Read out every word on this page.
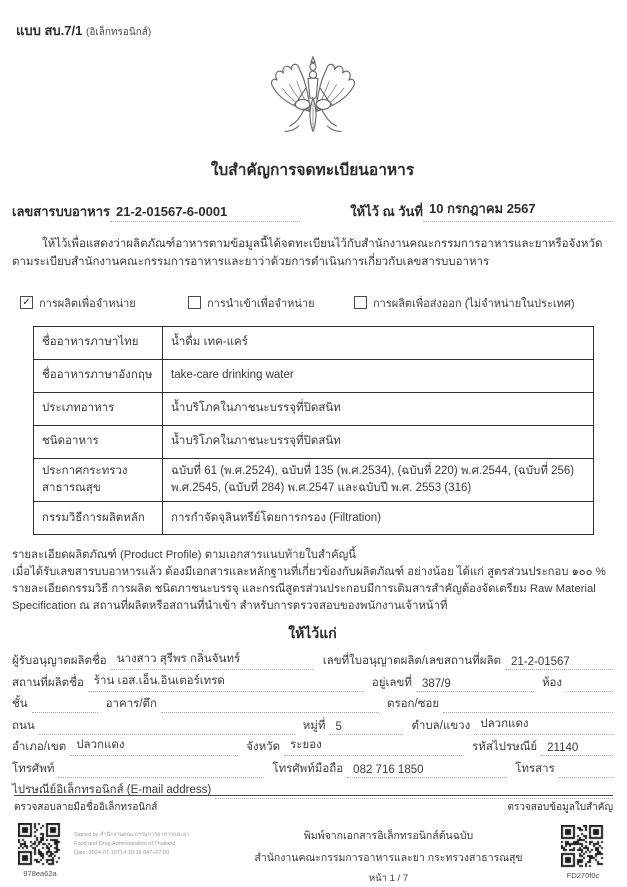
แบบ สบ.7/1 (อิเล็กทรอนิกส์)
ใบสำคัญการจดทะเบียนอาหาร
เลขสารบบอาหาร 21-2-01567-6-0001	ให้ไว้ ณ วันที่ 10 กรกฎาคม 2567
ให้ไว้เพื่อแสดงว่าผลิตภัณฑ์อาหารตามข้อมูลนี้ได้จดทะเบียนไว้กับสำนักงานคณะกรรมการอาหารและยาหรือจังหวัด
ตามระเบียบสำนักงานคณะกรรมการอาหารและยาว่าด้วยการดำเนินการเกี่ยวกับเลขสารบบอาหาร
✓ การผลิตเพื่อจำหน่าย	การนำเข้าเพื่อจำหน่าย	การผลิตเพื่อส่งออก (ไม่จำหน่ายในประเทศ)
ชื่ออาหารภาษาไทย	น้ำดื่ม เทค-แคร์
ชื่ออาหารภาษาอังกฤษ	take-care drinking water
ประเภทอาหาร	น้ำบริโภคในภาชนะบรรจุที่ปิดสนิท
ชนิดอาหาร	น้ำบริโภคในภาชนะบรรจุที่ปิดสนิท
ประกาศกระทรวงสาธารณสุข	ฉบับที่ 61 (พ.ศ.2524), ฉบับที่ 135 (พ.ศ.2534), (ฉบับที่ 220) พ.ศ.2544, (ฉบับที่ 256) พ.ศ.2545, (ฉบับที่ 284) พ.ศ.2547 และฉบับปี พ.ศ. 2553 (316)
กรรมวิธีการผลิตหลัก	การกำจัดจุลินทรีย์โดยการกรอง (Filtration)
รายละเอียดผลิตภัณฑ์ (Product Profile) ตามเอกสารแนบท้ายใบสำคัญนี้
เมื่อได้รับเลขสารบบอาหารแล้ว ต้องมีเอกสารและหลักฐานที่เกี่ยวข้องกับผลิตภัณฑ์ อย่างน้อย ได้แก่ สูตรส่วนประกอบ ๑๐๐ % รายละเอียดกรรมวิธี การผลิต ชนิดภาชนะบรรจุ และกรณีสูตรส่วนประกอบมีการเติมสารสำคัญต้องจัดเตรียม Raw Material Specification ณ สถานที่ผลิตหรือสถานที่นำเข้า สำหรับการตรวจสอบของพนักงานเจ้าหน้าที่
ให้ไว้แก่
ผู้รับอนุญาตผลิตชื่อ นางสาว สุรีพร กลิ่นจันทร์	เลขที่ใบอนุญาตผลิต/เลขสถานที่ผลิต 21-2-01567
สถานที่ผลิตชื่อ ร้าน เอส.เอ็น.อินเตอร์เทรด	อยู่เลขที่ 387/9	ห้อง
ชั้น	อาคาร/ตึก	ตรอก/ซอย
ถนน	หมู่ที่ 5	ตำบล/แขวง ปลวกแดง
อำเภอ/เขต ปลวกแดง	จังหวัด ระยอง	รหัสไปรษณีย์ 21140
โทรศัพท์	โทรศัพท์มือถือ 082 716 1850	โทรสาร
ไปรษณีย์อิเล็กทรอนิกส์ (E-mail address)
ตรวจสอบลายมือชื่ออิเล็กทรอนิกส์	ตรวจสอบข้อมูลใบสำคัญ
978ea62a
Signed by สำนักงานคณะกรรมการอาหารและยา
Food and Drug Administration of Thailand
Date: 2024-07-10T14:10:16.047+07:00
พิมพ์จากเอกสารอิเล็กทรอนิกส์ต้นฉบับ
สำนักงานคณะกรรมการอาหารและยา กระทรวงสาธารณสุข
หน้า 1 / 7	FD270f0c
